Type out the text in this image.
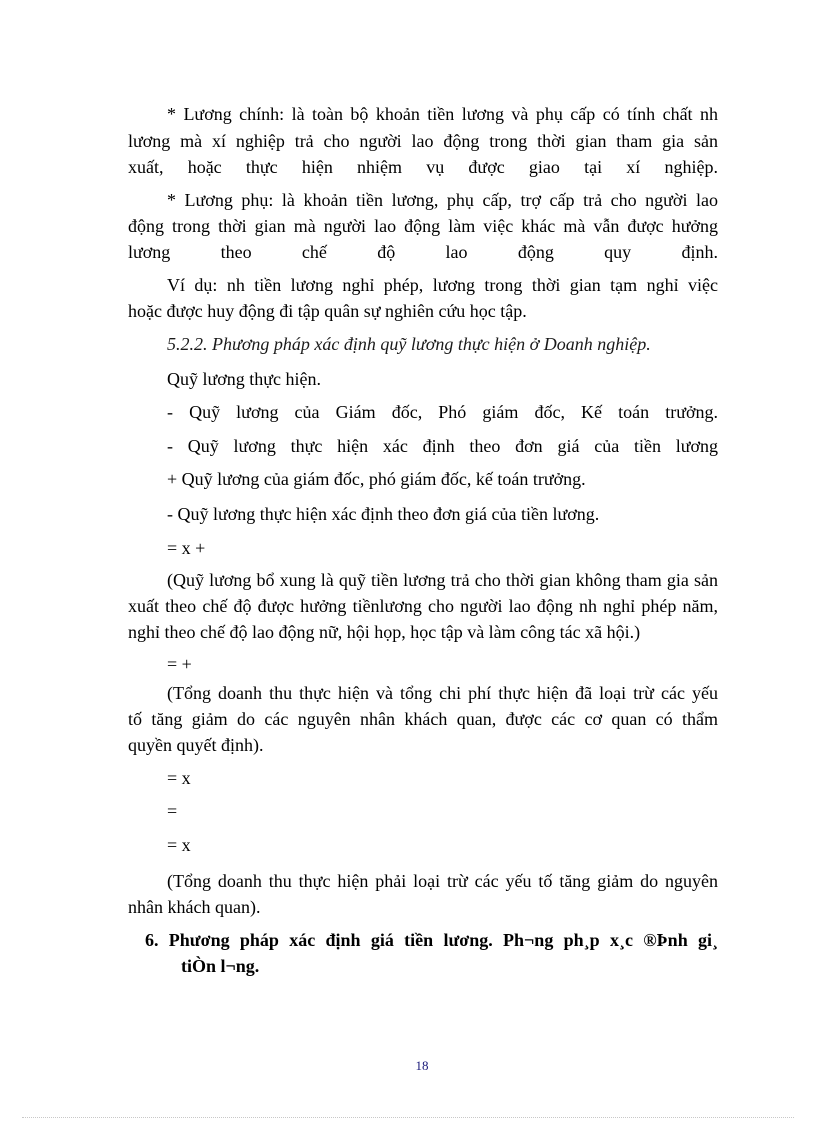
* Lương chính: là toàn bộ khoản tiền lương và phụ cấp có tính chất nh

lương mà xí nghiệp trả cho người lao động trong thời gian tham gia sản

xuất, hoặc thực hiện nhiệm vụ được giao tại xí nghiệp.

* Lương phụ: là khoản tiền lương, phụ cấp, trợ cấp trả cho người lao

động trong thời gian mà người lao động làm việc khác mà vẫn được hưởng

lương theo chế độ lao động quy định.

Ví dụ: nh tiền lương nghỉ phép, lương trong thời gian tạm nghỉ việc

hoặc được huy động đi tập quân sự nghiên cứu học tập.

5.2.2. Phương pháp xác định quỹ lương thực hiện ở Doanh nghiệp.

Quỹ lương thực hiện.

- Quỹ lương của Giám đốc, Phó giám đốc, Kế toán trưởng.

- Quỹ lương thực hiện xác định theo đơn giá của tiền lương

+ Quỹ lương của giám đốc, phó giám đốc, kế toán trưởng.

- Quỹ lương thực hiện xác định theo đơn giá của tiền lương.

= x +

(Quỹ lương bổ xung là quỹ tiền lương trả cho thời gian không tham gia sản

xuất theo chế độ được hưởng tiềnlương cho người lao động nh nghỉ phép năm,

nghỉ theo chế độ lao động nữ, hội họp, học tập và làm công tác xã hội.)

= +

(Tổng doanh thu thực hiện và tổng chi phí thực hiện đã loại trừ các yếu

tố tăng giảm do các nguyên nhân khách quan, được các cơ quan có thẩm

quyền quyết định).

= x

=

= x

(Tổng doanh thu thực hiện phải loại trừ các yếu tố tăng giảm do nguyên

nhân khách quan).

6. Phương pháp xác định giá tiền lương. Ph¬ng ph¸p x¸c ®Þnh gi¸
tiÒn l¬ng.
18
